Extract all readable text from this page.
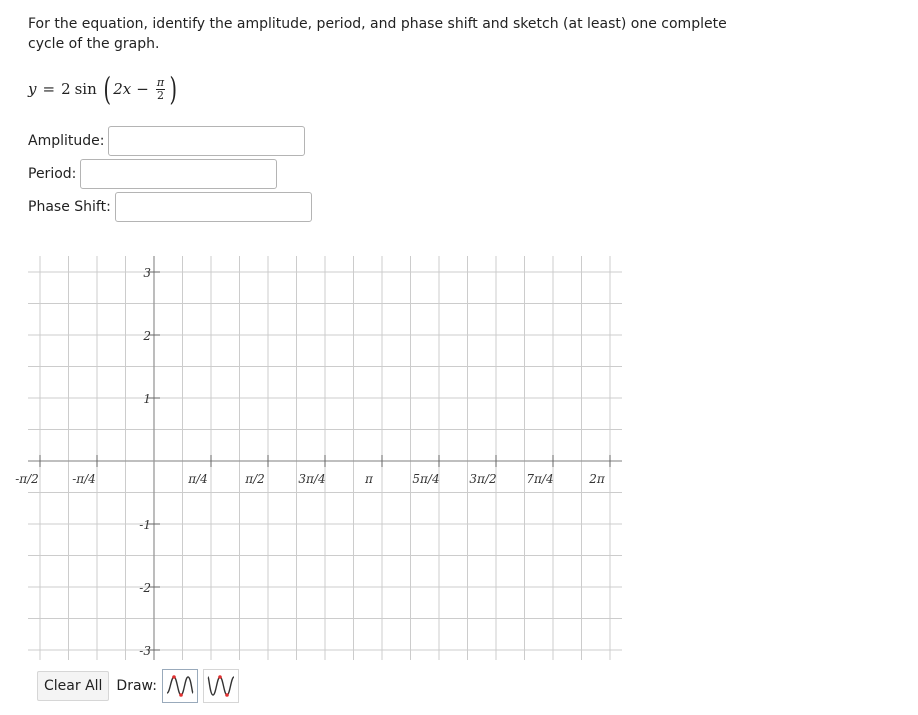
For the equation, identify the amplitude, period, and phase shift and sketch (at least) one complete cycle of the graph.

y = 2 sin ( $2x - \frac{\pi}{2}$ )
Amplitude:
Period:
Phase Shift:
-π/2	-π/4	π/4	π/2	3π/4	π	5π/4 3π/2 7π/4	2π
3
2
1
-1
-2
-3
Clear All	Draw:
